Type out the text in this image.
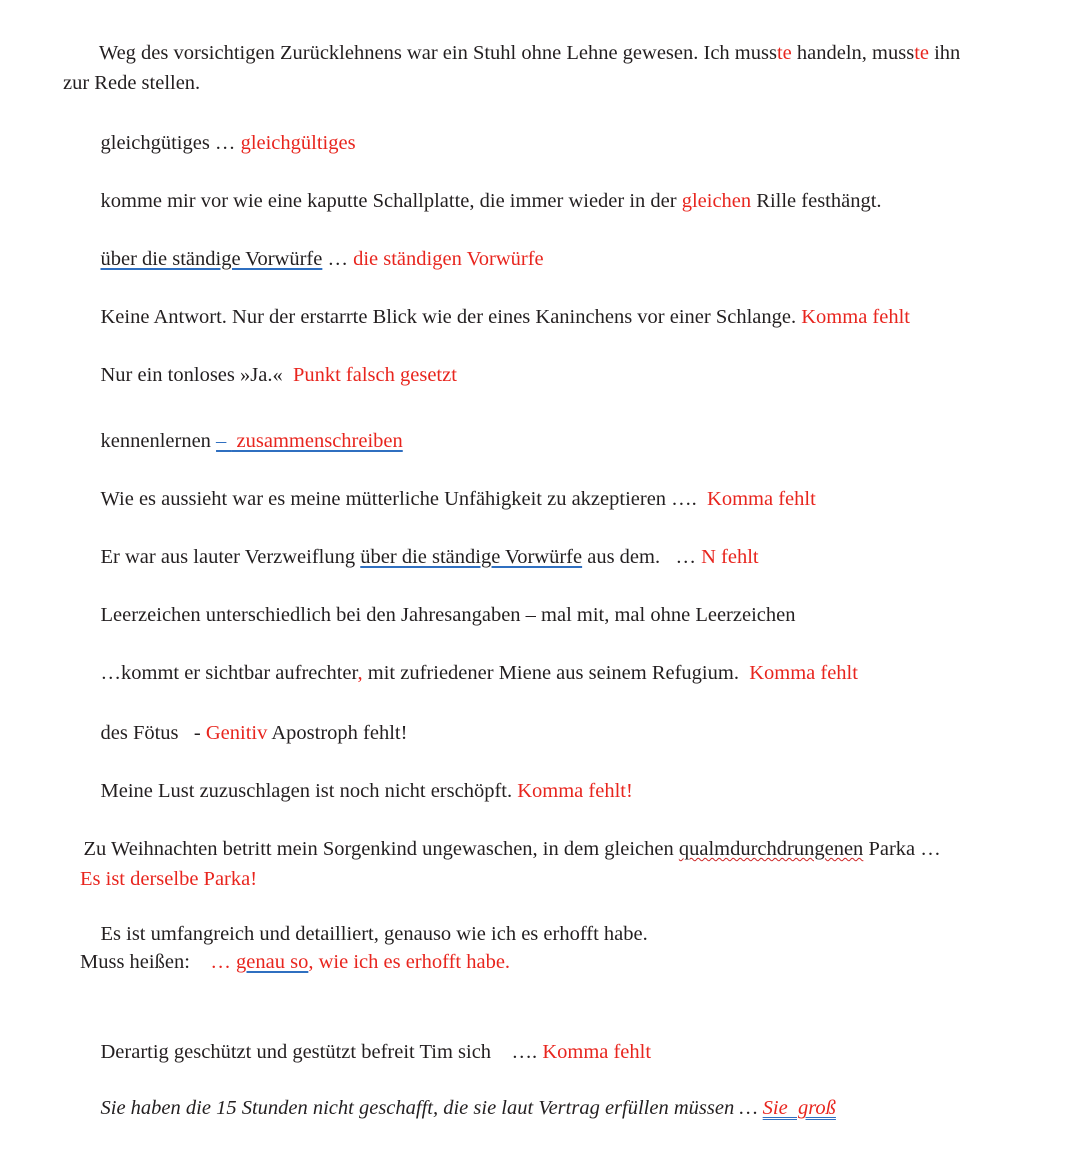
Weg des vorsichtigen Zurücklehnens war ein Stuhl ohne Lehne gewesen. Ich musste handeln, musste ihn
zur Rede stellen.

gleichgütiges … gleichgültiges

komme mir vor wie eine kaputte Schallplatte, die immer wieder in der gleichen Rille festhängt.

über die ständige Vorwürfe … die ständigen Vorwürfe

Keine Antwort. Nur der erstarrte Blick wie der eines Kaninchens vor einer Schlange. Komma fehlt

Nur ein tonloses »Ja.«  Punkt falsch gesetzt

kennenlernen –  zusammenschreiben

Wie es aussieht war es meine mütterliche Unfähigkeit zu akzeptieren ….  Komma fehlt

Er war aus lauter Verzweiflung über die ständige Vorwürfe aus dem.   … N fehlt

Leerzeichen unterschiedlich bei den Jahresangaben – mal mit, mal ohne Leerzeichen

…kommt er sichtbar aufrechter, mit zufriedener Miene aus seinem Refugium.  Komma fehlt

des Fötus   - Genitiv Apostroph fehlt!

Meine Lust zuzuschlagen ist noch nicht erschöpft. Komma fehlt!

Zu Weihnachten betritt mein Sorgenkind ungewaschen, in dem gleichen qualmdurchdrungenen Parka …
Es ist derselbe Parka!

Es ist umfangreich und detailliert, genauso wie ich es erhofft habe.
Muss heißen:    … genau so, wie ich es erhofft habe.

Derartig geschützt und gestützt befreit Tim sich    …. Komma fehlt

Sie haben die 15 Stunden nicht geschafft, die sie laut Vertrag erfüllen müssen … Sie  groß
